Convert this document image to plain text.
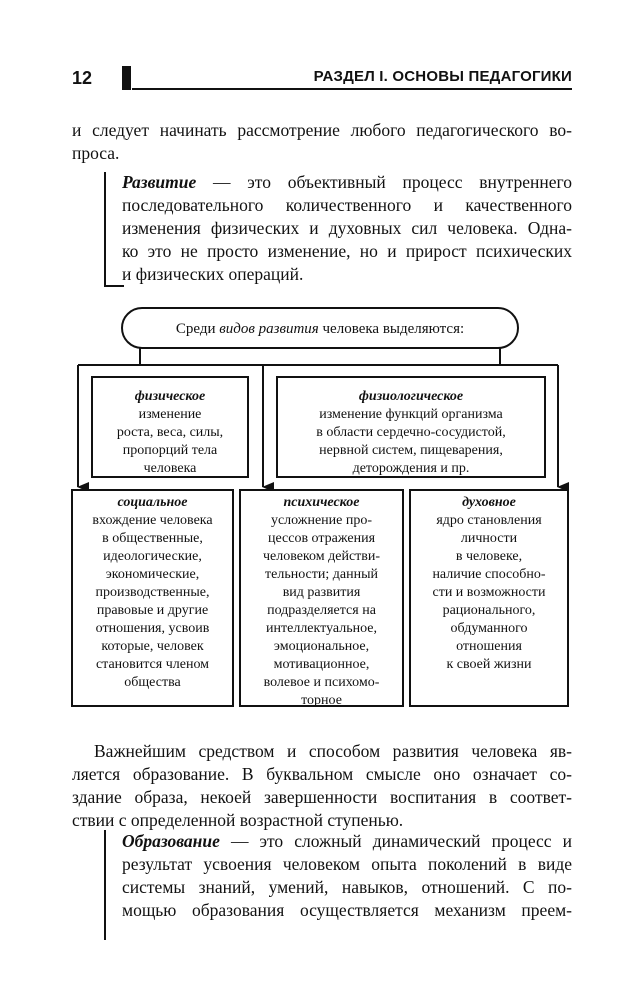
12	РАЗДЕЛ I. ОСНОВЫ ПЕДАГОГИКИ
и следует начинать рассмотрение любого педагогического во-
проса.
Развитие — это объективный процесс внутреннего
последовательного количественного и качественного
изменения физических и духовных сил человека. Одна-
ко это не просто изменение, но и прирост психических
и физических операций.
Среди видов развития человека выделяются:
физическое
изменение
роста, веса, силы,
пропорций тела
человека
физиологическое
изменение функций организма
в области сердечно-сосудистой,
нервной систем, пищеварения,
деторождения и пр.
социальное
вхождение человека
в общественные,
идеологические,
экономические,
производственные,
правовые и другие
отношения, усвоив
которые, человек
становится членом
общества
психическое
усложнение про-
цессов отражения
человеком действи-
тельности; данный
вид развития
подразделяется на
интеллектуальное,
эмоциональное,
мотивационное,
волевое и психомо-
торное
духовное
ядро становления
личности
в человеке,
наличие способно-
сти и возможности
рационального,
обдуманного
отношения
к своей жизни
Важнейшим средством и способом развития человека яв-
ляется образование. В буквальном смысле оно означает со-
здание образа, некоей завершенности воспитания в соответ-
ствии с определенной возрастной ступенью.
Образование — это сложный динамический процесс и
результат усвоения человеком опыта поколений в виде
системы знаний, умений, навыков, отношений. С по-
мощью образования осуществляется механизм преем-
